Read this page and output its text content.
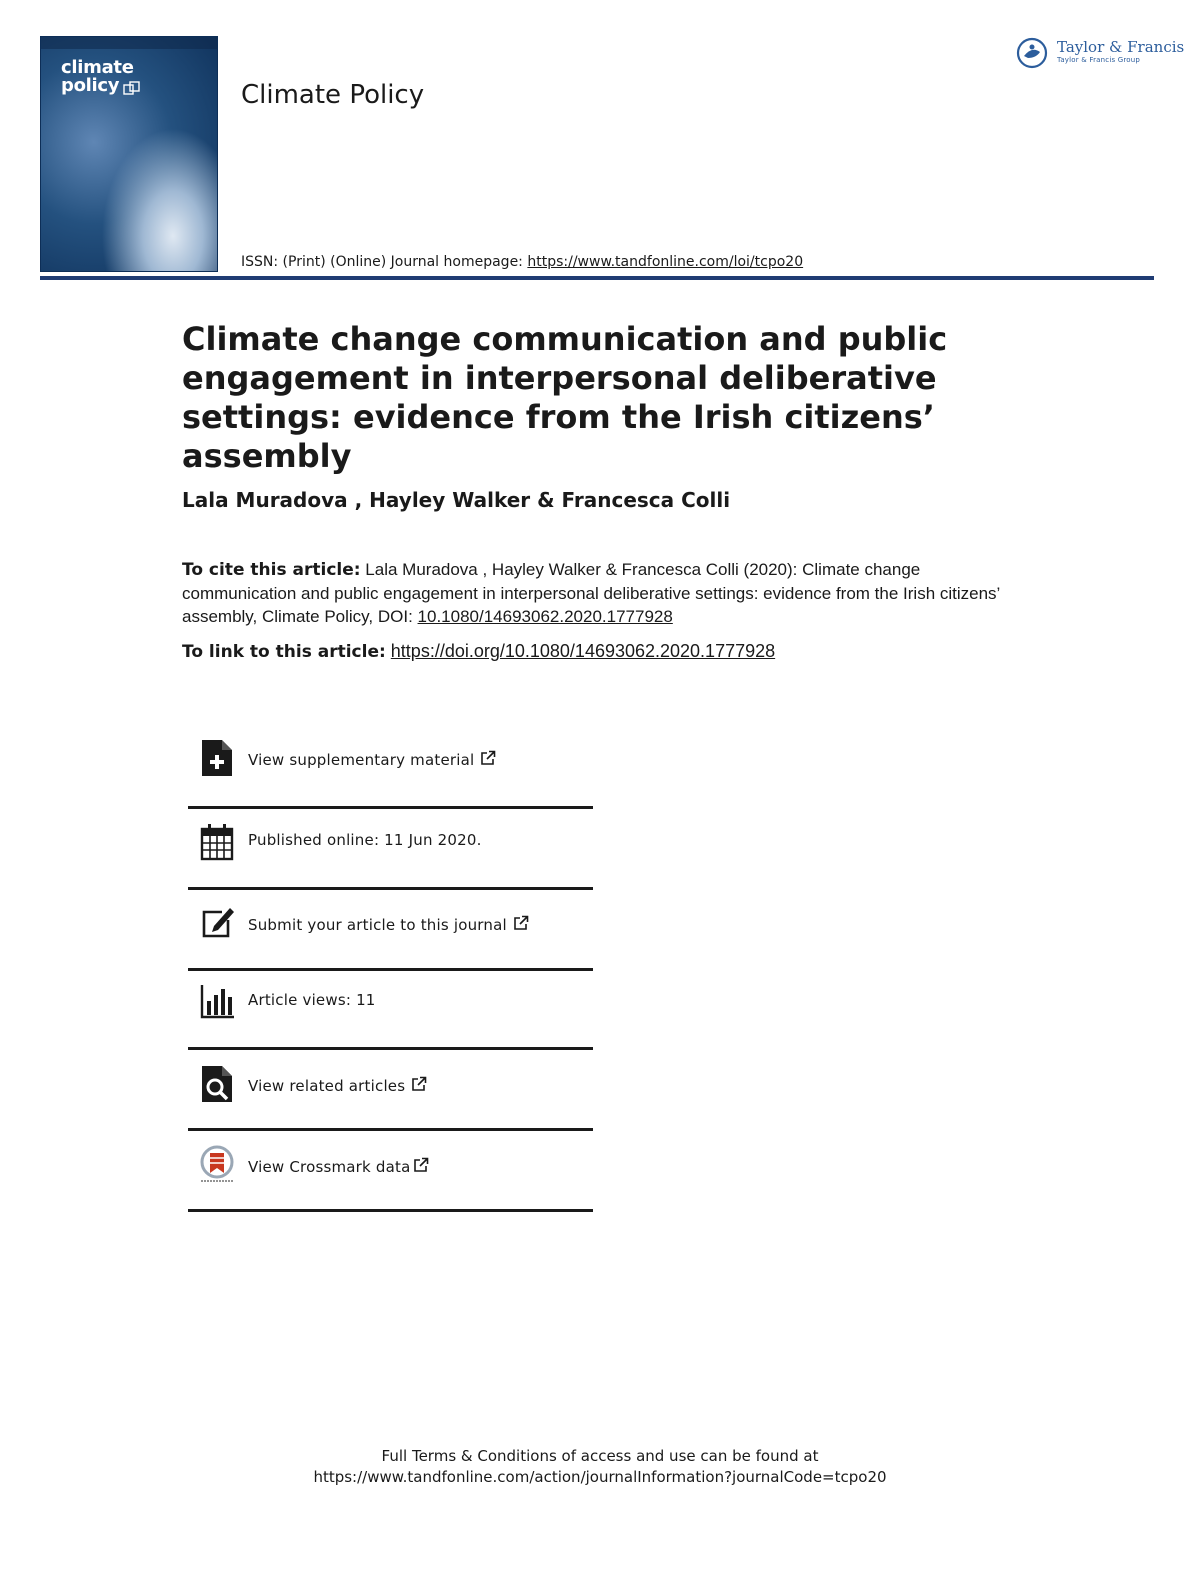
climate
policy	Climate Policy
ISSN: (Print) (Online) Journal homepage: https://www.tandfonline.com/loi/tcpo20
Taylor & Francis
Taylor & Francis Group
Climate change communication and public engagement in interpersonal deliberative settings: evidence from the Irish citizens’ assembly
Lala Muradova , Hayley Walker & Francesca Colli
To cite this article: Lala Muradova , Hayley Walker & Francesca Colli (2020): Climate change communication and public engagement in interpersonal deliberative settings: evidence from the Irish citizens’ assembly, Climate Policy, DOI: 10.1080/14693062.2020.1777928
To link to this article: https://doi.org/10.1080/14693062.2020.1777928
View supplementary material
Published online: 11 Jun 2020.
Submit your article to this journal
Article views: 11
View related articles
View Crossmark data
Full Terms & Conditions of access and use can be found at
https://www.tandfonline.com/action/journalInformation?journalCode=tcpo20
